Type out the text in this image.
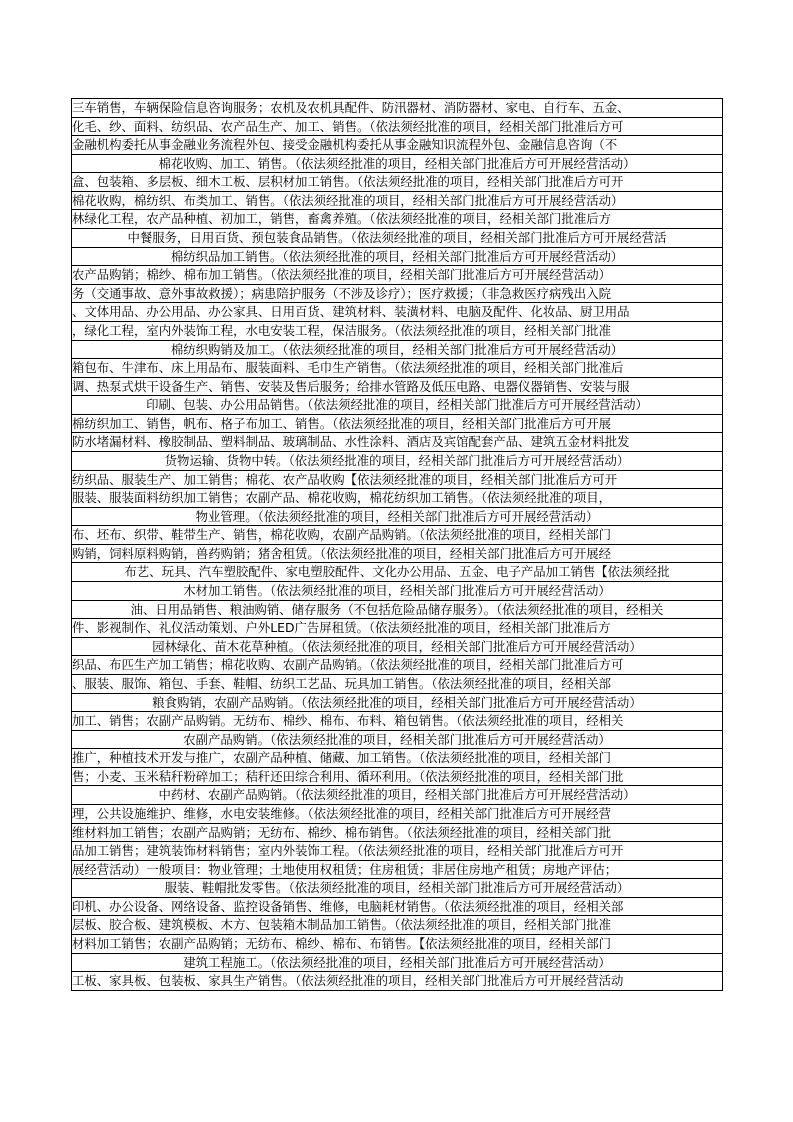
三车销售，车辆保险信息咨询服务；农机及农机具配件、防汛器材、消防器材、家电、自行车、五金、
化毛、纱、面料、纺织品、农产品生产、加工、销售。（依法须经批准的项目，经相关部门批准后方可
金融机构委托从事金融业务流程外包、接受金融机构委托从事金融知识流程外包、金融信息咨询（不
棉花收购、加工、销售。（依法须经批准的项目，经相关部门批准后方可开展经营活动）
盒、包装箱、多层板、细木工板、层积材加工销售。（依法须经批准的项目，经相关部门批准后方可开
棉花收购，棉纺织、布类加工、销售。（依法须经批准的项目，经相关部门批准后方可开展经营活动）
林绿化工程，农产品种植、初加工，销售，畜禽养殖。（依法须经批准的项目，经相关部门批准后方
中餐服务，日用百货、预包装食品销售。（依法须经批准的项目，经相关部门批准后方可开展经营活
棉纺织品加工销售。（依法须经批准的项目，经相关部门批准后方可开展经营活动）
农产品购销；棉纱、棉布加工销售。（依法须经批准的项目，经相关部门批准后方可开展经营活动）
务（交通事故、意外事故救援）；病患陪护服务（不涉及诊疗）；医疗救援；（非急救医疗病残出入院
、文体用品、办公用品、办公家具、日用百货、建筑材料、装潢材料、电脑及配件、化妆品、厨卫用品
，绿化工程，室内外装饰工程，水电安装工程，保洁服务。（依法须经批准的项目，经相关部门批准
棉纺织购销及加工。（依法须经批准的项目，经相关部门批准后方可开展经营活动）
箱包布、牛津布、床上用品布、服装面料、毛巾生产销售。（依法须经批准的项目，经相关部门批准后
调、热泵式烘干设备生产、销售、安装及售后服务；给排水管路及低压电路、电器仪器销售、安装与服
印刷、包装、办公用品销售。（依法须经批准的项目，经相关部门批准后方可开展经营活动）
棉纺织加工、销售，帆布、格子布加工、销售。（依法须经批准的项目，经相关部门批准后方可开展
防水堵漏材料、橡胶制品、塑料制品、玻璃制品、水性涂料、酒店及宾馆配套产品、建筑五金材料批发
货物运输、货物中转。（依法须经批准的项目，经相关部门批准后方可开展经营活动）
纺织品、服装生产、加工销售；棉花、农产品收购【依法须经批准的项目，经相关部门批准后方可开
服装、服装面料纺织加工销售；农副产品、棉花收购，棉花纺织加工销售。（依法须经批准的项目，
物业管理。（依法须经批准的项目，经相关部门批准后方可开展经营活动）
布、坯布、织带、鞋带生产、销售，棉花收购，农副产品购销。（依法须经批准的项目，经相关部门
购销，饲料原料购销，兽药购销；猪舍租赁。（依法须经批准的项目，经相关部门批准后方可开展经
布艺、玩具、汽车塑胶配件、家电塑胶配件、文化办公用品、五金、电子产品加工销售【依法须经批
木材加工销售。（依法须经批准的项目，经相关部门批准后方可开展经营活动）
油、日用品销售、粮油购销、储存服务（不包括危险品储存服务）。（依法须经批准的项目，经相关
件、影视制作、礼仪活动策划、户外LED广告屏租赁。（依法须经批准的项目，经相关部门批准后方
园林绿化、苗木花草种植。（依法须经批准的项目，经相关部门批准后方可开展经营活动）
织品、布匹生产加工销售；棉花收购、农副产品购销。（依法须经批准的项目，经相关部门批准后方可
、服装、服饰、箱包、手套、鞋帽、纺织工艺品、玩具加工销售。（依法须经批准的项目，经相关部
粮食购销，农副产品购销。（依法须经批准的项目，经相关部门批准后方可开展经营活动）
加工、销售；农副产品购销。无纺布、棉纱、棉布、布料、箱包销售。（依法须经批准的项目，经相关
农副产品购销。（依法须经批准的项目，经相关部门批准后方可开展经营活动）
推广，种植技术开发与推广，农副产品种植、储藏、加工销售。（依法须经批准的项目，经相关部门
售；小麦、玉米秸秆粉碎加工；秸秆还田综合利用、循环利用。（依法须经批准的项目，经相关部门批
中药材、农副产品购销。（依法须经批准的项目，经相关部门批准后方可开展经营活动）
理，公共设施维护、维修，水电安装维修。（依法须经批准的项目，经相关部门批准后方可开展经营
维材料加工销售；农副产品购销；无纺布、棉纱、棉布销售。（依法须经批准的项目，经相关部门批
品加工销售；建筑装饰材料销售；室内外装饰工程。（依法须经批准的项目，经相关部门批准后方可开
展经营活动）一般项目：物业管理；土地使用权租赁；住房租赁；非居住房地产租赁；房地产评估；
服装、鞋帽批发零售。（依法须经批准的项目，经相关部门批准后方可开展经营活动）
印机、办公设备、网络设备、监控设备销售、维修，电脑耗材销售。（依法须经批准的项目，经相关部
层板、胶合板、建筑模板、木方、包装箱木制品加工销售。（依法须经批准的项目，经相关部门批准
材料加工销售；农副产品购销；无纺布、棉纱、棉布、布销售。【依法须经批准的项目，经相关部门
建筑工程施工。（依法须经批准的项目，经相关部门批准后方可开展经营活动）
工板、家具板、包装板、家具生产销售。（依法须经批准的项目，经相关部门批准后方可开展经营活动
